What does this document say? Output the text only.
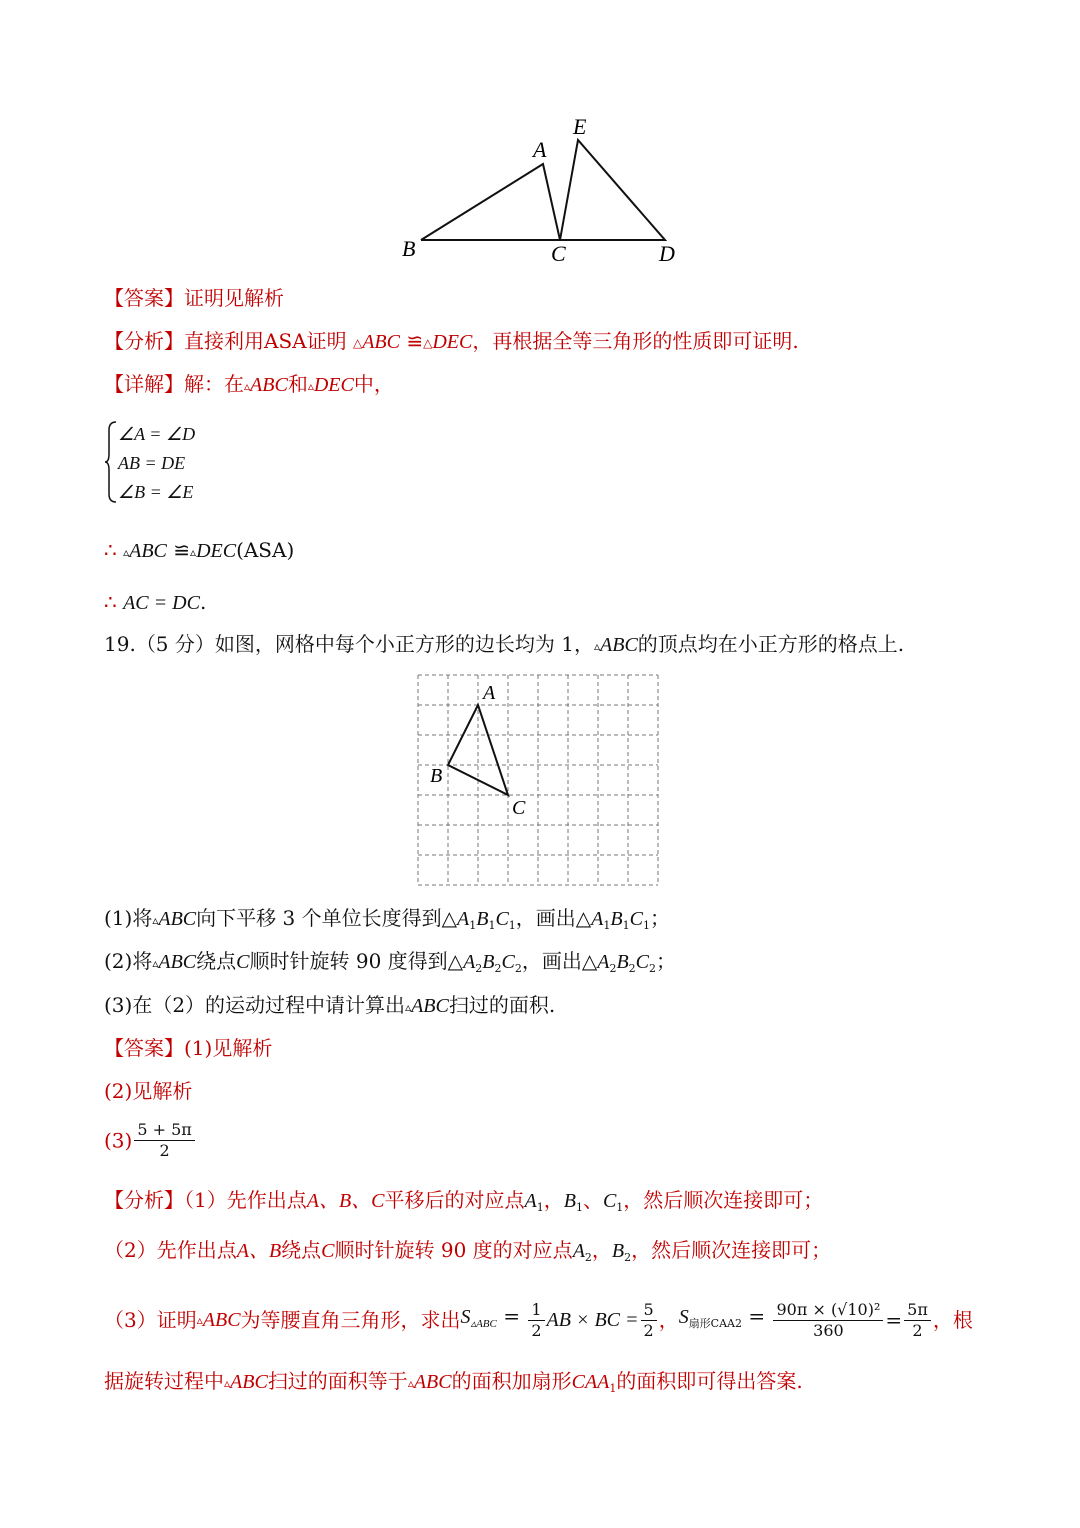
A
E
B	C	D
【答案】证明见解析
【分析】直接利用ASA证明 △ABC ≌△DEC，再根据全等三角形的性质即可证明.
【详解】解：在▵ABC和▵DEC中，
∠A = ∠D
AB = DE
∠B = ∠E
∴ ▵ABC ≌▵DEC(ASA)
∴ AC = DC.
19.（5 分）如图，网格中每个小正方形的边长均为 1，▵ABC的顶点均在小正方形的格点上.
A
B
C
(1)将▵ABC向下平移 3 个单位长度得到$\triangle A_1B_1C_1$，画出$\triangle A_1B_1C_1$；
(2)将▵ABC绕点C顺时针旋转 90 度得到$\triangle A_2B_2C_2$，画出$\triangle A_2B_2C_2$；
(3)在（2）的运动过程中请计算出▵ABC扫过的面积.
【答案】(1)见解析
(2)见解析
$(3) \frac{5 + 5\pi}{2}$
【分析】（1）先作出点A、B、C平移后的对应点$A_1$，$B_1$、$C_1$，然后顺次连接即可；
（2）先作出点A、B绕点C顺时针旋转 90 度的对应点$A_2$，$B_2$，然后顺次连接即可；
（3）证明▵ABC为等腰直角三角形，求出$S_{▵ABC} = \frac{1}{2}$ AB × BC = $\frac{5}{2}$ ，$S_{扇形CAA2} = \frac{\text{90π × (√10)²}}{360} = \frac{5\pi}{2}$ ，根
据旋转过程中▵ABC扫过的面积等于▵ABC的面积加扇形$CAA_1$的面积即可得出答案.
